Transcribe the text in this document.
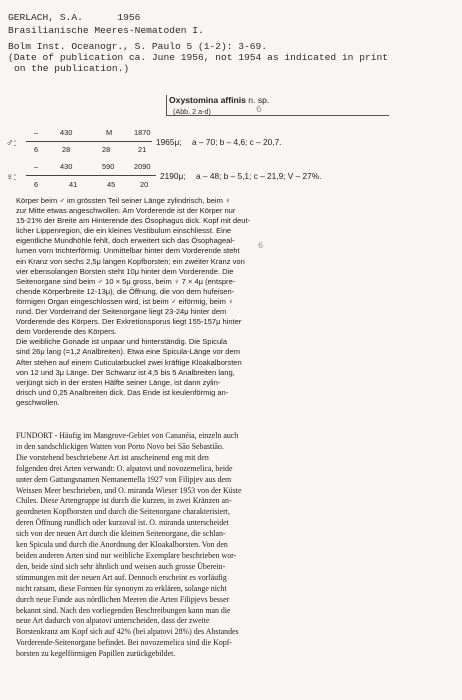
GERLACH, S.A.	1956
Brasilianische Meeres-Nematoden I.
Bolm Inst. Oceanogr., S. Paulo 5 (1-2): 3-69.
(Date of publication ca. June 1956, not 1954 as indicated in print
on the publication.)
Oxystomina affinis n. sp.
(Abb. 2 a-d)	6
6
♂:
–	430	M	1870
6	28	28	21
1965μ; a – 70; b – 4,6; c – 20,7.
♀:
–	430	590	2090
6	41	45	20
2190μ; a – 48; b – 5,1; c – 21,9; V – 27%.
Körper beim ♂ im grössten Teil seiner Länge zylindrisch, beim ♀
zur Mitte etwas angeschwollen. Am Vorderende ist der Körper nur
15-21% der Breite am Hinterende des Ösophagus dick. Kopf mit deut-
licher Lippenregion, die ein kleines Vestibulum einschliesst. Eine
eigentliche Mundhöhle fehlt, doch erweitert sich das Ösophageal-
lumen vorn trichterförmig. Unmittelbar hinter dem Vorderende steht
ein Kranz von sechs 2,5μ langen Kopfborsten; ein zweiter Kranz von
vier ebensolangen Borsten steht 10μ hinter dem Vorderende. Die
Seitenorgane sind beim ♂ 10 × 5μ gross, beim ♀ 7 × 4μ (entspre-
chende Körperbreite 12-13μ), die Öffnung, die von dem hufeisen-
förmigen Organ eingeschlossen wird, ist beim ♂ eiförmig, beim ♀
rund. Der Vorderrand der Seitenorgane liegt 23-24μ hinter dem
Vorderende des Körpers. Der Exkretionsporus liegt 155-157μ hinter
dem Vorderende des Körpers.
Die weibliche Gonade ist unpaar und hinterständig. Die Spicula
sind 26μ lang (=1,2 Analbreiten). Etwa eine Spicula-Länge vor dem
After stehen auf einem Cuticularbuckel zwei kräftige Kloakalborsten
von 12 und 3μ Länge. Der Schwanz ist 4,5 bis 5 Analbreiten lang,
verjüngt sich in der ersten Hälfte seiner Länge, ist dann zylin-
drisch und 0,25 Analbreiten dick. Das Ende ist keulenförmig an-
geschwollen.
FUNDORT - Häufig im Mangrove-Gebiet von Cananéia, einzeln auch
in den sandschlickigen Watten von Porto Novo bei São Sebastião.
Die vorstehend beschriebene Art ist anscheinend eng mit den
folgenden drei Arten verwandt: O. alpatovi und novozemelica, beide
unter dem Gattungsnamen Nemanemella 1927 von Filipjev aus dem
Weissen Meer beschrieben, und O. miranda Wieser 1953 von der Küste
Chiles. Diese Artengruppe ist durch die kurzen, in zwei Kränzen an-
geordneten Kopfborsten und durch die Seitenorgane charakterisiert,
deren Öffnung rundlich oder kurzoval ist. O. miranda unterscheidet
sich von der neuen Art durch die kleinen Seitenorgane, die schlan-
ken Spicula und durch die Anordnung der Kloakalborsten. Von den
beiden anderen Arten sind nur weibliche Exemplare beschrieben wor-
den, beide sind sich sehr ähnlich und weisen auch grosse Überein-
stimmungen mit der neuen Art auf. Dennoch erscheint es vorläufig
nicht ratsam, diese Formen für synonym zu erklären, solange nicht
durch neue Funde aus nördlichen Meeren die Arten Filipjevs besser
bekannt sind. Nach den vorliegenden Beschreibungen kann man die
neue Art dadurch von alpatovi unterscheiden, dass der zweite
Borstenkranz am Kopf sich auf 42% (bei alpatovi 28%) des Abstandes
Vorderende-Seitenorgane befindet. Bei novozemelica sind die Kopf-
borsten zu kegelförmigen Papillen zurückgebildet.
